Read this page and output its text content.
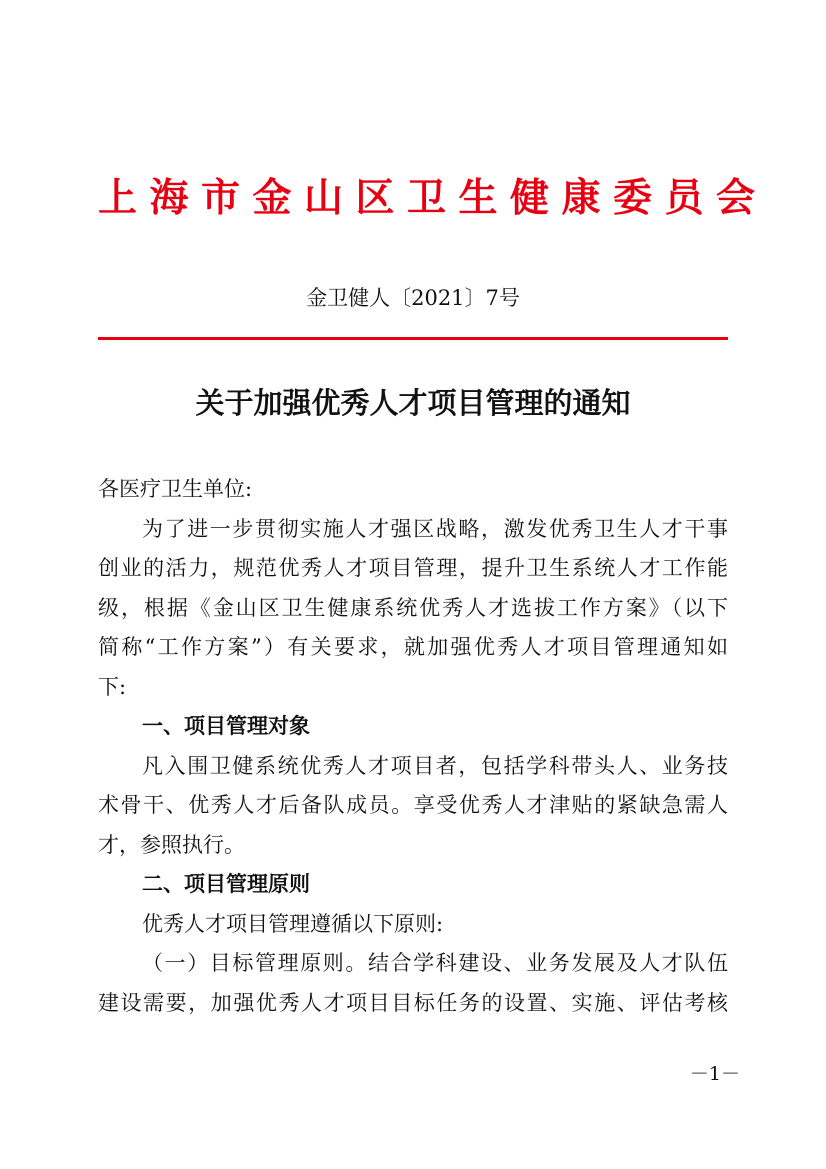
上海市金山区卫生健康委员会
金卫健人〔2021〕7号
关于加强优秀人才项目管理的通知
各医疗卫生单位:
为了进一步贯彻实施人才强区战略，激发优秀卫生人才干事
创业的活力，规范优秀人才项目管理，提升卫生系统人才工作能
级，根据《金山区卫生健康系统优秀人才选拔工作方案》（以下
简称“工作方案”）有关要求，就加强优秀人才项目管理通知如
下:
一、项目管理对象
凡入围卫健系统优秀人才项目者，包括学科带头人、业务技
术骨干、优秀人才后备队成员。享受优秀人才津贴的紧缺急需人
才，参照执行。
二、项目管理原则
优秀人才项目管理遵循以下原则:
（一）目标管理原则。结合学科建设、业务发展及人才队伍
建设需要，加强优秀人才项目目标任务的设置、实施、评估考核
－1－
